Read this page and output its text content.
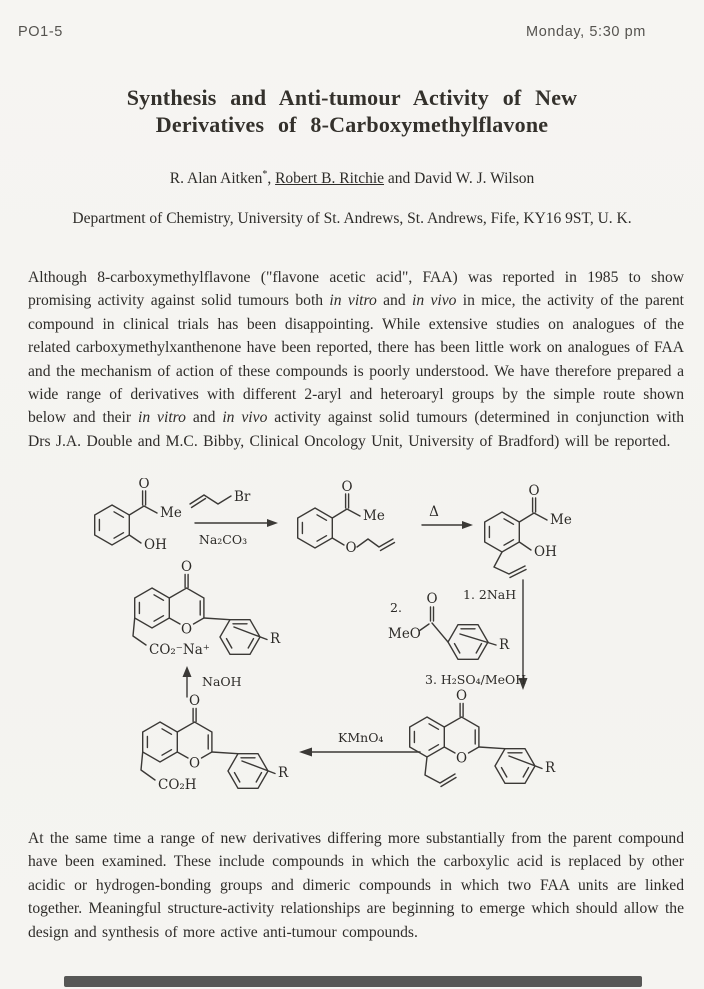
PO1-5	Monday, 5:30 pm
Synthesis and Anti-tumour Activity of New
Derivatives of 8-Carboxymethylflavone
R. Alan Aitken*, Robert B. Ritchie and David W. J. Wilson
Department of Chemistry, University of St. Andrews, St. Andrews, Fife, KY16 9ST, U. K.
Although 8-carboxymethylflavone ("flavone acetic acid", FAA) was reported in 1985 to show promising activity against solid tumours both in vitro and in vivo in mice, the activity of the parent compound in clinical trials has been disappointing. While extensive studies on analogues of the related carboxymethylxanthenone have been reported, there has been little work on analogues of FAA and the mechanism of action of these compounds is poorly understood. We have therefore prepared a wide range of derivatives with different 2-aryl and heteroaryl groups by the simple route shown below and their in vitro and in vivo activity against solid tumours (determined in conjunction with Drs J.A. Double and M.C. Bibby, Clinical Oncology Unit, University of Bradford) will be reported.
O
Me
OH
Br
Na₂CO₃
O
Me
O
Δ
O
Me
OH
1. 2NaH
2.
MeO
O
R
3. H₂SO₄/MeOH
O
O
R
CO₂⁻Na⁺
NaOH
O
O
R
CO₂H
KMnO₄
O
O
R
At the same time a range of new derivatives differing more substantially from the parent compound have been examined. These include compounds in which the carboxylic acid is replaced by other acidic or hydrogen-bonding groups and dimeric compounds in which two FAA units are linked together. Meaningful structure-activity relationships are beginning to emerge which should allow the design and synthesis of more active anti-tumour compounds.
